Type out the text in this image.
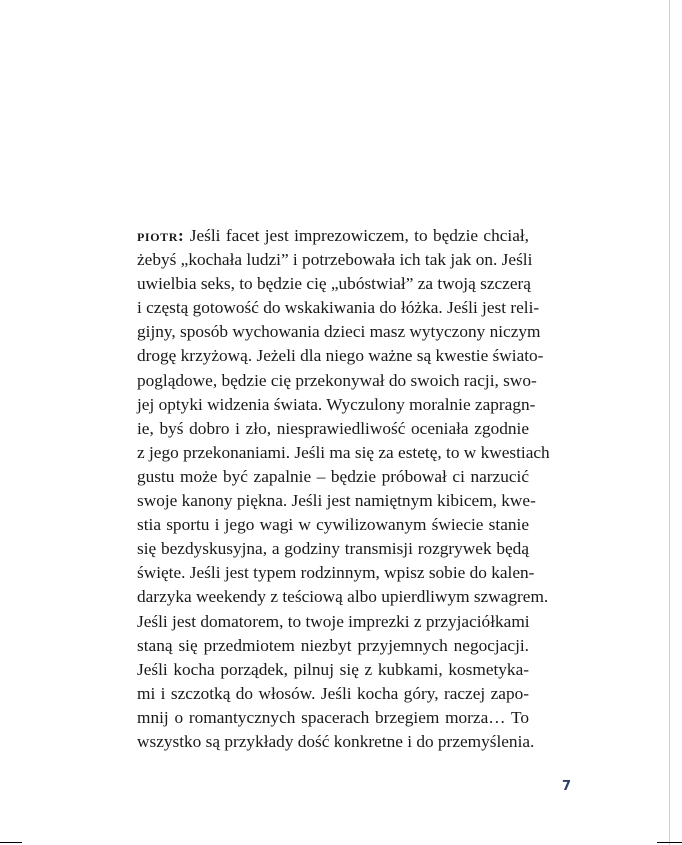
piotr: Jeśli facet jest imprezowiczem, to będzie chciał,
żebyś „kochała ludzi” i potrzebowała ich tak jak on. Jeśli
uwielbia seks, to będzie cię „ubóstwiał” za twoją szczerą
i częstą gotowość do wskakiwania do łóżka. Jeśli jest reli-
gijny, sposób wychowania dzieci masz wytyczony niczym
drogę krzyżową. Jeżeli dla niego ważne są kwestie światо-
poglądowe, będzie cię przekonywał do swoich racji, swo-
jej optyki widzenia świata. Wyczulony moralnie zapragn-
ie, byś dobro i zło, niesprawiedliwość oceniała zgodnie
z jego przekonaniami. Jeśli ma się za estetę, to w kwestiach
gustu może być zapalnie – będzie próbował ci narzucić
swoje kanony piękna. Jeśli jest namiętnym kibicem, kwe-
stia sportu i jego wagi w cywilizowanym świecie stanie
się bezdyskusyjna, a godziny transmisji rozgrywek będą
święte. Jeśli jest typem rodzinnym, wpisz sobie do kalen-
darzyka weekendy z teściową albo upierdliwym szwagrem.
Jeśli jest domatorem, to twoje imprezki z przyjaciółkami
staną się przedmiotem niezbyt przyjemnych negocjacji.
Jeśli kocha porządek, pilnuj się z kubkami, kosmetyka-
mi i szczotką do włosów. Jeśli kocha góry, raczej zapo-
mnij o romantycznych spacerach brzegiem morza… To
wszystko są przykłady dość konkretne i do przemyślenia.
7
